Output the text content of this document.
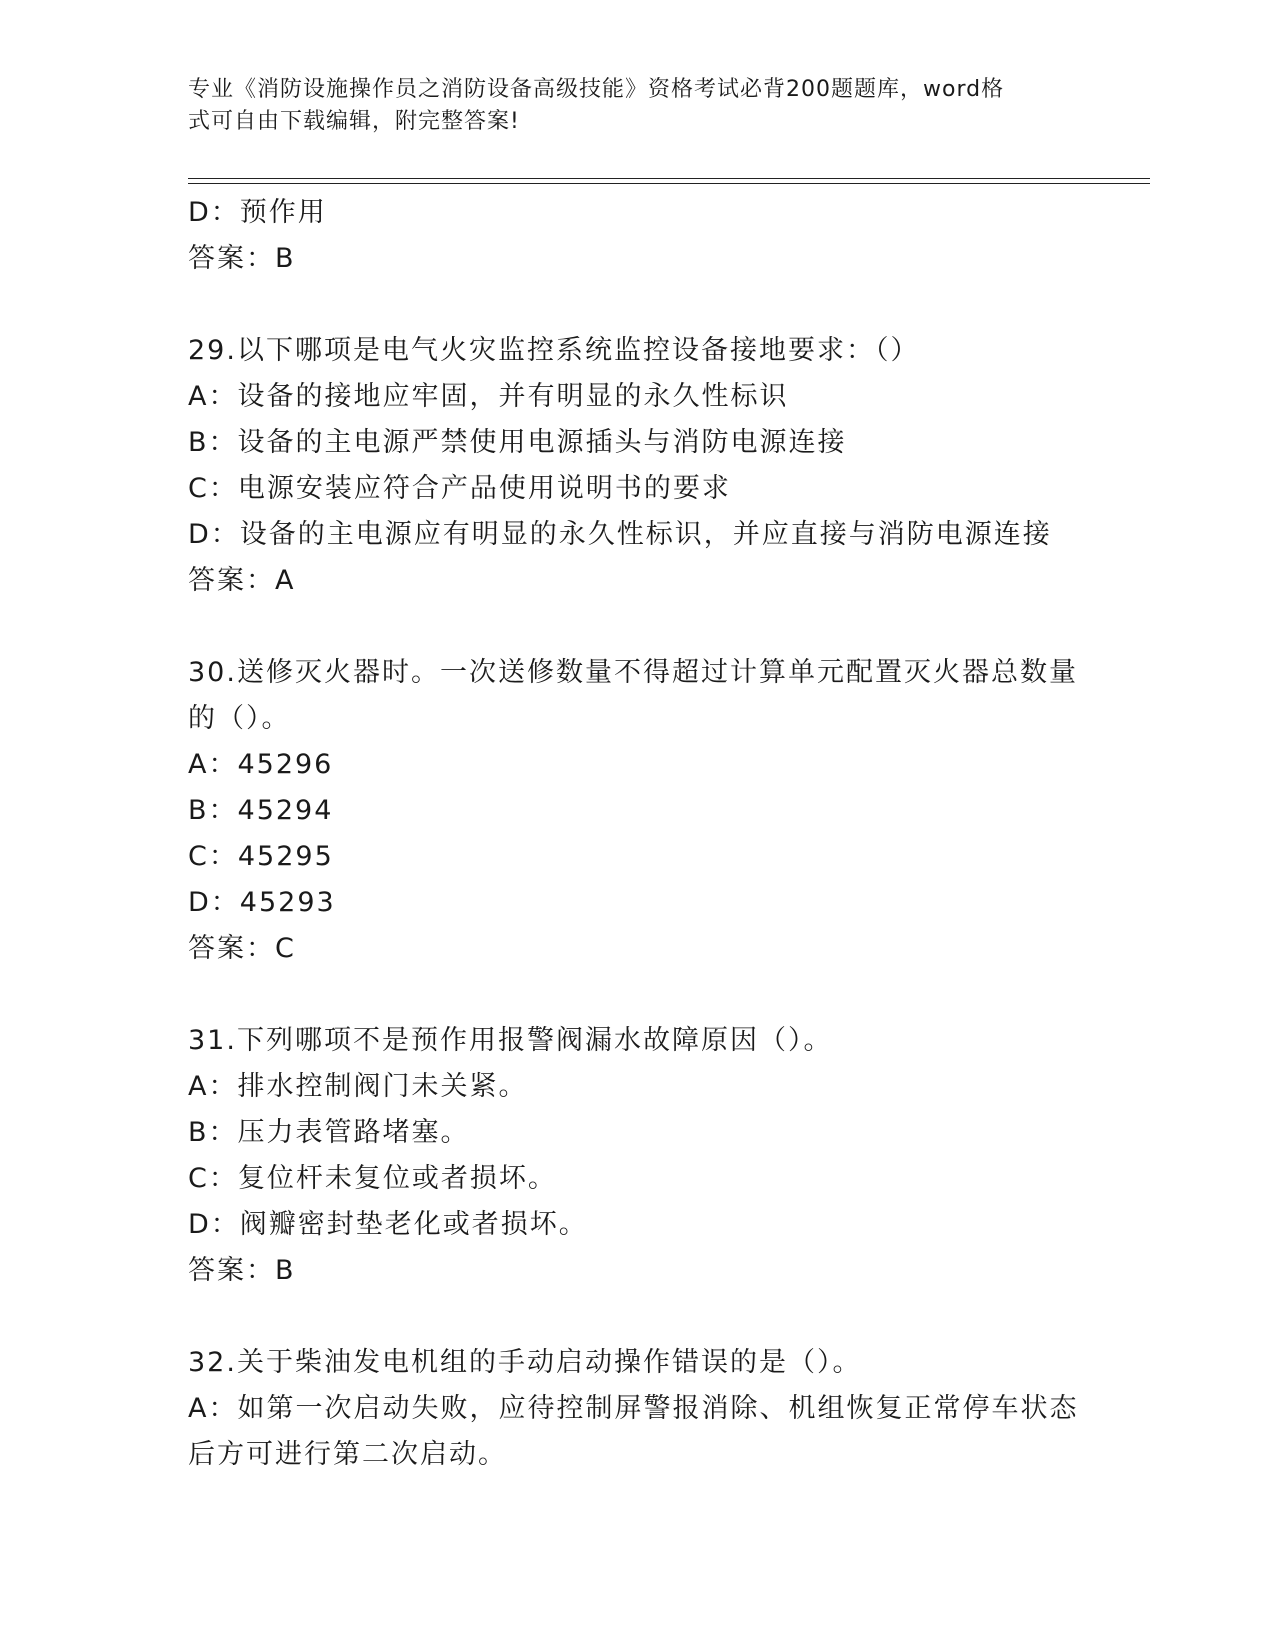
专业《消防设施操作员之消防设备高级技能》资格考试必背200题题库，word格
式可自由下载编辑，附完整答案!
D：预作用
答案：B
29.以下哪项是电气火灾监控系统监控设备接地要求：（）
A：设备的接地应牢固，并有明显的永久性标识
B：设备的主电源严禁使用电源插头与消防电源连接
C：电源安装应符合产品使用说明书的要求
D：设备的主电源应有明显的永久性标识，并应直接与消防电源连接
答案：A
30.送修灭火器时。一次送修数量不得超过计算单元配置灭火器总数量
的（）。
A：45296
B：45294
C：45295
D：45293
答案：C
31.下列哪项不是预作用报警阀漏水故障原因（）。
A：排水控制阀门未关紧。
B：压力表管路堵塞。
C：复位杆未复位或者损坏。
D：阀瓣密封垫老化或者损坏。
答案：B
32.关于柴油发电机组的手动启动操作错误的是（）。
A：如第一次启动失败，应待控制屏警报消除、机组恢复正常停车状态
后方可进行第二次启动。
